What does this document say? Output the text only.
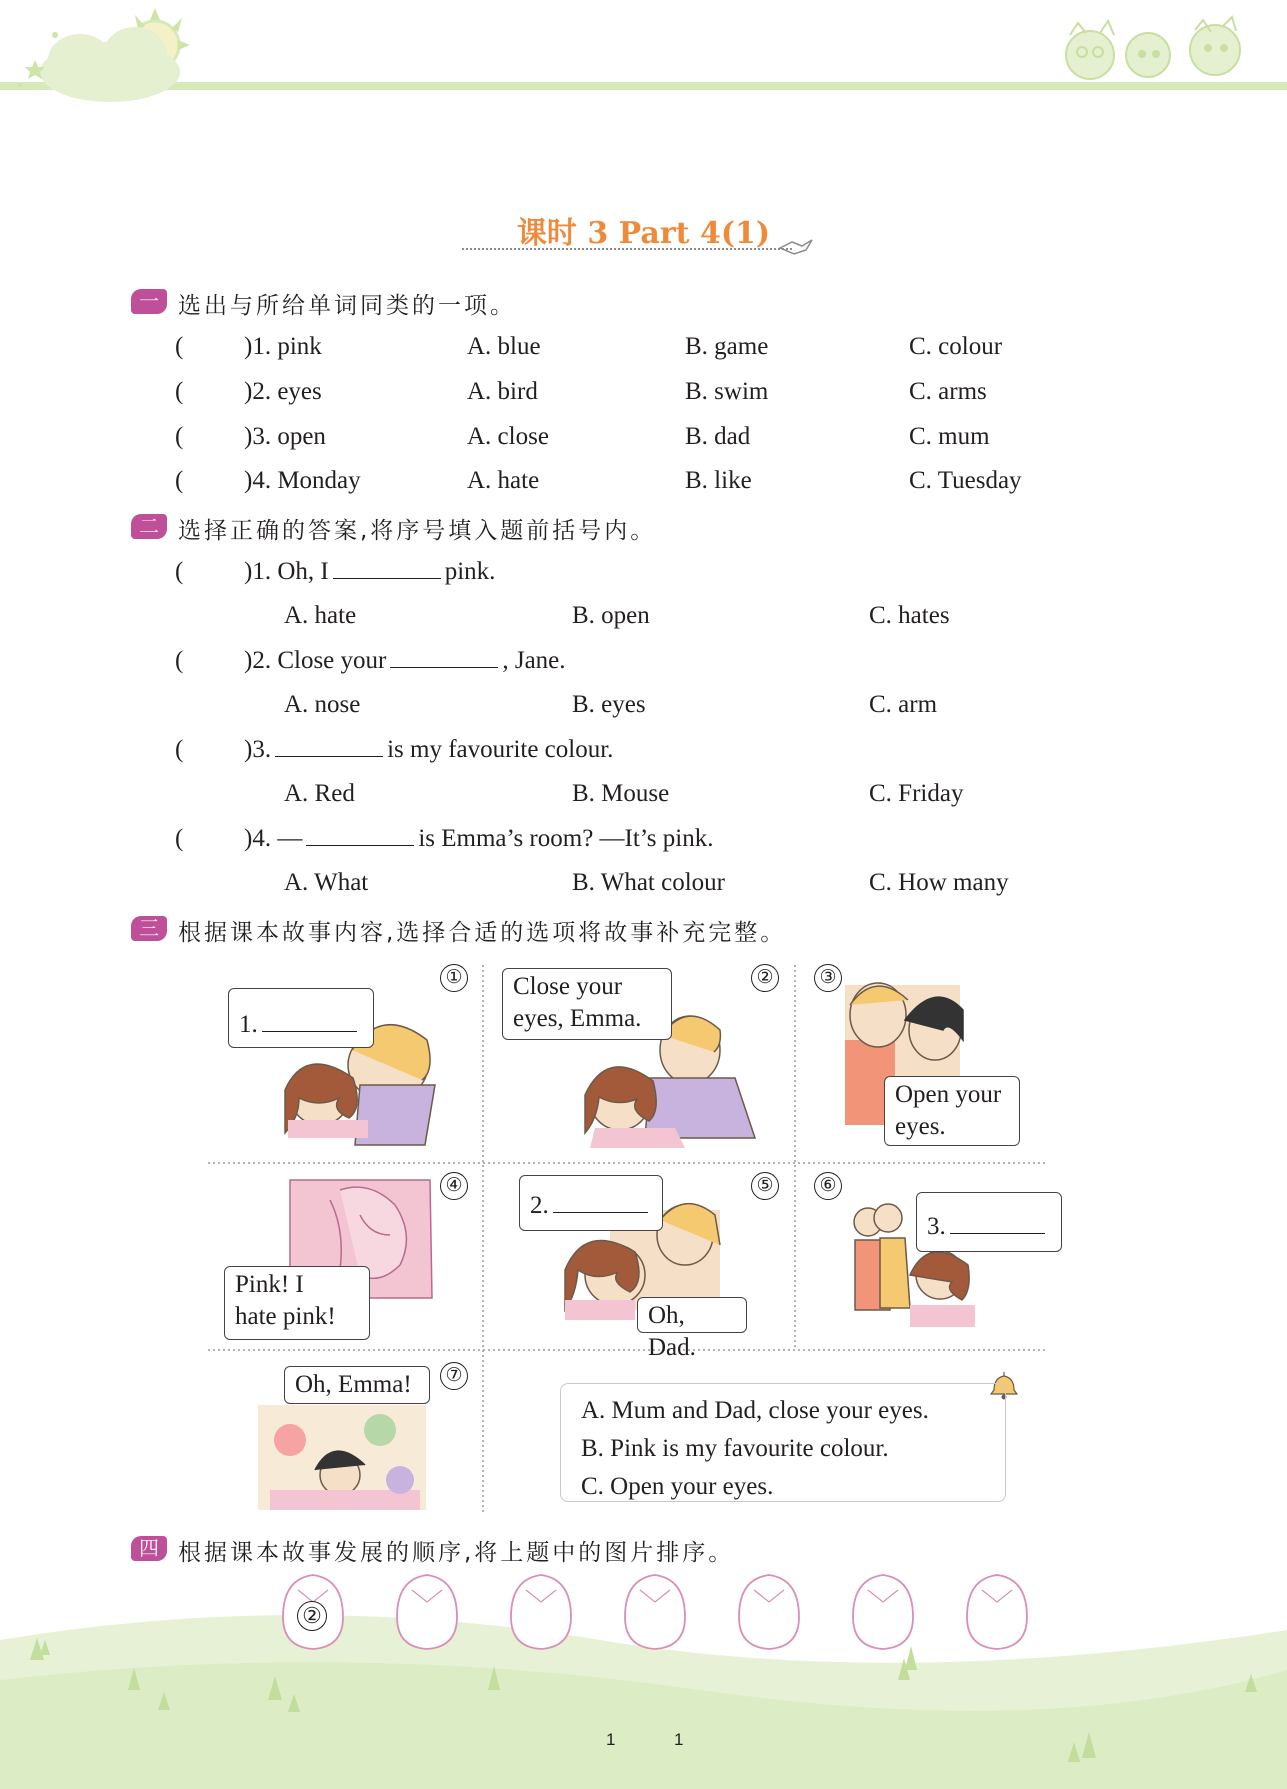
课时 3 Part 4(1)
一 选出与所给单词同类的一项。
( )1. pink	A. blue	B. game	C. colour
( )2. eyes	A. bird	B. swim	C. arms
( )3. open	A. close	B. dad	C. mum
( )4. Monday	A. hate	B. like	C. Tuesday
二 选择正确的答案,将序号填入题前括号内。
( )1. Oh, I	pink.
A. hate	B. open	C. hates
( )2. Close your	, Jane.
A. nose	B. eyes	C. arm
( )3.	is my favourite colour.
A. Red	B. Mouse	C. Friday
( )4. —	is Emma’s room? —It’s pink.
A. What	B. What colour	C. How many
三 根据课本故事内容,选择合适的选项将故事补充完整。
①	② ③
④	⑤ ⑥
⑦
1.
Close your
eyes, Emma.
Open your
eyes.
Pink! I
hate pink!
2.
Oh, Dad.
3.
Oh, Emma!
A. Mum and Dad, close your eyes.
B. Pink is my favourite colour.
C. Open your eyes.
四 根据课本故事发展的顺序,将上题中的图片排序。
②
1	1
